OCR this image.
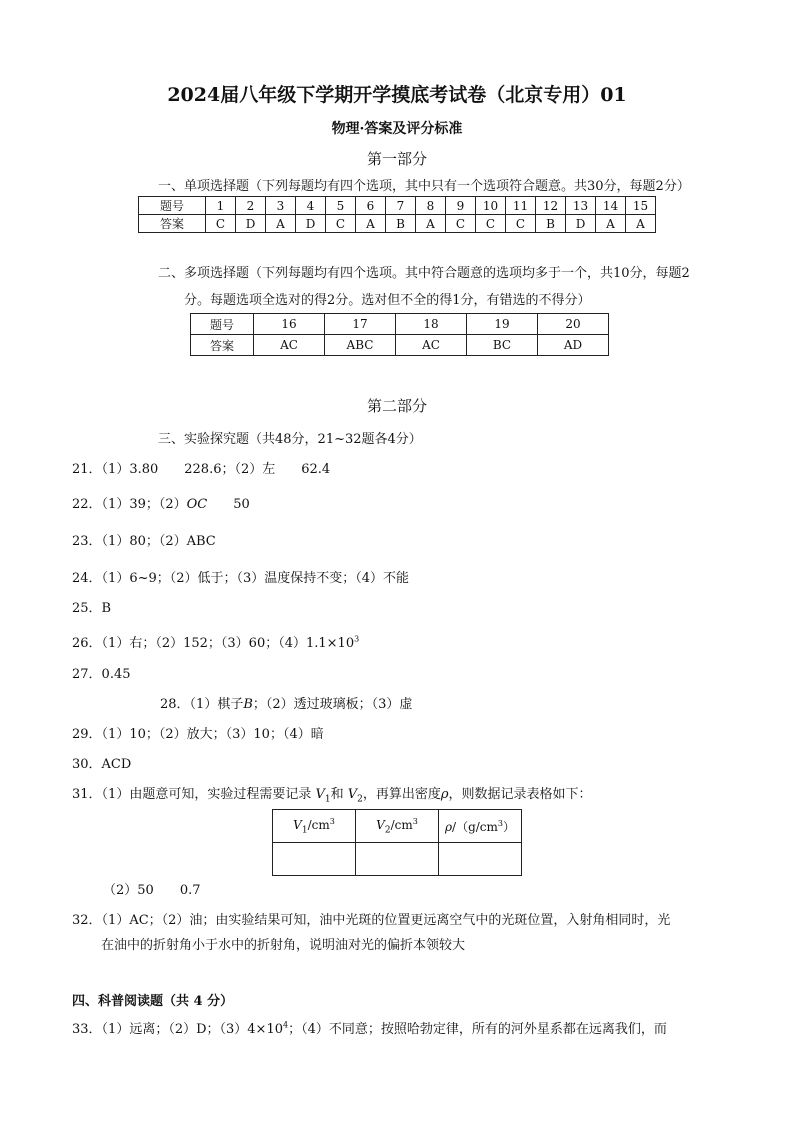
2024届八年级下学期开学摸底考试卷（北京专用）01
物理·答案及评分标准
第一部分
一、单项选择题（下列每题均有四个选项，其中只有一个选项符合题意。共30分，每题2分）
题号	1	2	3	4	5	6	7	8	9	10	11	12	13	14	15
答案	C	D	A	D	C	A	B	A	C	C	C	B	D	A	A
二、多项选择题（下列每题均有四个选项。其中符合题意的选项均多于一个，共10分，每题2
分。每题选项全选对的得2分。选对但不全的得1分，有错选的不得分）
题号	16	17	18	19	20
答案	AC	ABC	AC	BC	AD
第二部分
三、实验探究题（共48分，21~32题各4分）
21．（1）3.80　　228.6；（2）左　　62.4
22．（1）39；（2）OC　　50
23．（1）80；（2）ABC
24．（1）6~9；（2）低于；（3）温度保持不变；（4）不能
25．B
26．（1）右；（2）152；（3）60；$(4)1.1\times 10^3$
27．0.45
28．（1）棋子B；（2）透过玻璃板；（3）虚
29．（1）10；（2）放大；（3）10；（4）暗
30．ACD
31．（1）由题意可知，实验过程需要记录 $V_1$和 $V_2$，再算出密度ρ，则数据记录表格如下：
$V_1/cm^3$	$V_2/cm^3$	$\rho/(g/cm^3)$

（2）50　　0.7
32．（1）AC；（2）油；由实验结果可知，油中光斑的位置更远离空气中的光斑位置，入射角相同时，光
在油中的折射角小于水中的折射角，说明油对光的偏折本领较大
四、科普阅读题（共 4 分）
33．（1）远离；（2）D；$(3)4\times 10^4$；（4）不同意；按照哈勃定律，所有的河外星系都在远离我们，而
